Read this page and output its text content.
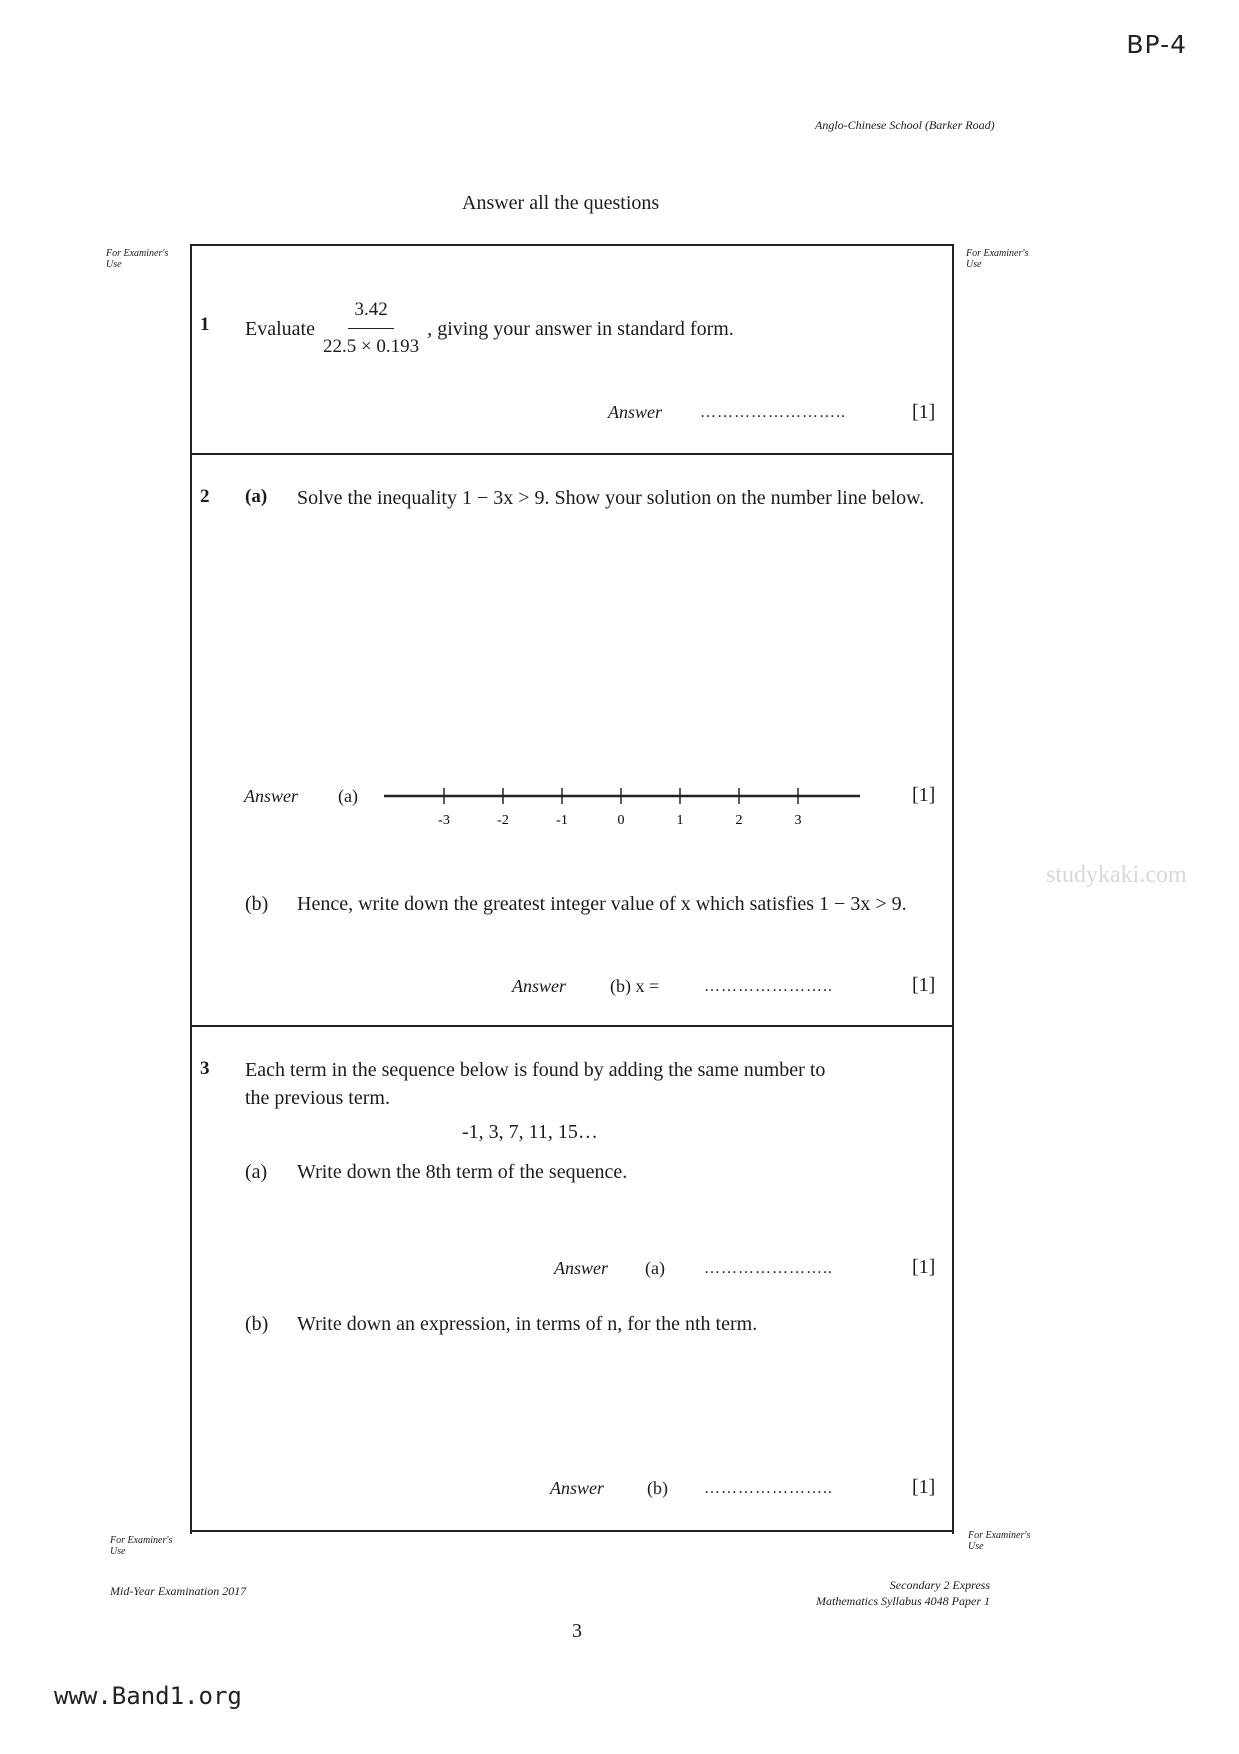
BP-4
Anglo-Chinese School (Barker Road)
Answer all the questions
For Examiner's Use
For Examiner's Use
For Examiner's Use
For Examiner's Use
1 Evaluate $\frac{3.42}{22.5 \times 0.193}$ , giving your answer in standard form.
Answer ……………………..	[1]
2 (a) Solve the inequality 1 − 3x > 9. Show your solution on the number line below.
Answer (a)
-3	-2	-1	0	1	2	3
[1]
(b) Hence, write down the greatest integer value of x which satisfies 1 − 3x > 9.
Answer (b) x =	…………………..	[1]
3 Each term in the sequence below is found by adding the same number to the previous term.
-1, 3, 7, 11, 15…
(a) Write down the 8th term of the sequence.
Answer (a) …………………..	[1]
(b) Write down an expression, in terms of n, for the nth term.
Answer (b) …………………..	[1]
studykaki.com
Mid-Year Examination 2017	Secondary 2 Express
Mathematics Syllabus 4048 Paper 1
3
www.Band1.org
